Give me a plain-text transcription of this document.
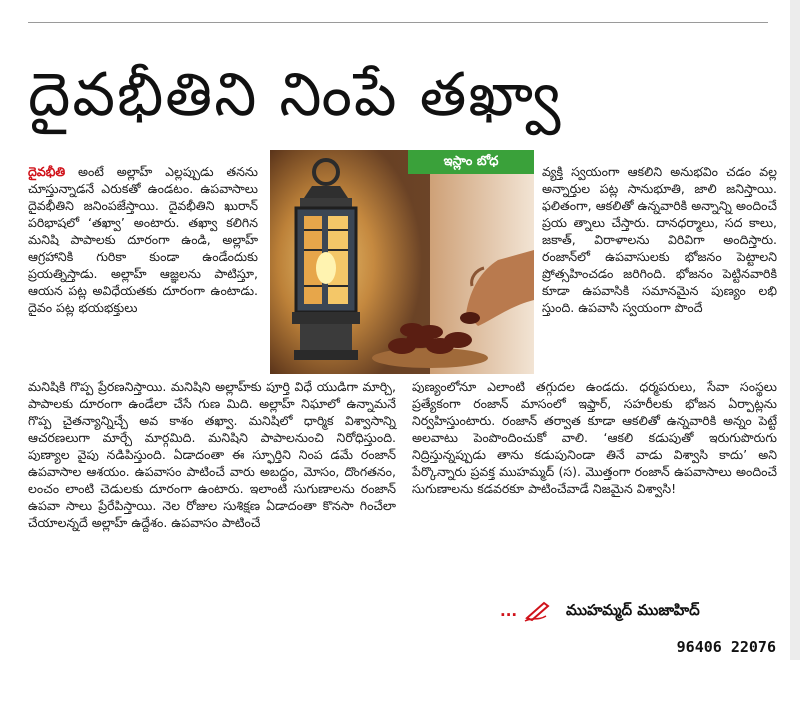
దైవభీతిని నింపే తఖ్వా

దైవభీతి అంటే అల్లాహ్ ఎల్లప్పుడు తనను చూస్తున్నాడనే ఎరుకతో ఉండటం. ఉపవాసాలు దైవభీతిని జనింపజేస్తాయి. దైవభీతిని ఖురాన్ పరిభాషలో ‘తఖ్వా’ అంటారు. తఖ్వా కలిగిన మనిషి పాపాలకు దూరంగా ఉండి, అల్లాహ్ ఆగ్రహానికి గురికా కుండా ఉండేందుకు ప్రయత్నిస్తాడు. అల్లాహ్ ఆజ్ఞలను పాటిస్తూ, ఆయన పట్ల అవిధేయతకు దూరంగా ఉంటాడు. దైవం పట్ల భయభక్తులు

ఇస్లాం బోధ

వ్యక్తి స్వయంగా ఆకలిని అనుభవిం చడం వల్ల అన్నార్తుల పట్ల సానుభూతి, జాలి జనిస్తాయి. ఫలితంగా, ఆకలితో ఉన్నవారికి అన్నాన్ని అందించే ప్రయ త్నాలు చేస్తారు. దానధర్మాలు, సద కాలు, జకాత్, విరాళాలను విరివిగా అందిస్తారు. రంజాన్‌లో ఉపవాసులకు భోజనం పెట్టాలని ప్రోత్సహించడం జరిగింది. భోజనం పెట్టినవారికి కూడా ఉపవాసికి సమానమైన పుణ్యం లభి స్తుంది. ఉపవాసి స్వయంగా పొందే

మనిషికి గొప్ప ప్రేరణనిస్తాయి. మనిషిని అల్లాహ్‌కు పూర్తి విధే యుడిగా మార్చి, పాపాలకు దూరంగా ఉండేలా చేసే గుణ మిది. అల్లాహ్ నిఘాలో ఉన్నామనే గొప్ప చైతన్యాన్నిచ్చే అవ కాశం తఖ్వా. మనిషిలో ధార్మిక విశ్వాసాన్ని ఆచరణలుగా మార్చే మార్గమిది. మనిషిని పాపాలనుంచి నిరోధిస్తుంది. పుణ్యాల వైపు నడిపిస్తుంది. ఏడాదంతా ఈ స్ఫూర్తిని నింప డమే రంజాన్ ఉపవాసాల ఆశయం. ఉపవాసం పాటించే వారు అబద్ధం, మోసం, దొంగతనం, లంచం లాంటి చెడులకు దూరంగా ఉంటారు. ఇలాంటి సుగుణాలను రంజాన్ ఉపవా సాలు ప్రేరేపిస్తాయి. నెల రోజుల సుశిక్షణ ఏడాదంతా కొనసా గించేలా చేయాలన్నదే అల్లాహ్ ఉద్దేశం. ఉపవాసం పాటించే

పుణ్యంలోనూ ఎలాంటి తగ్గుదల ఉండదు. ధర్మపరులు, సేవా సంస్థలు ప్రత్యేకంగా రంజాన్ మాసంలో ఇఫ్తార్, సహరీలకు భోజన ఏర్పాట్లను నిర్వహిస్తుంటారు. రంజాన్ తర్వాత కూడా ఆకలితో ఉన్నవారికి అన్నం పెట్టే అలవాటు పెంపొందించుకో వాలి. ‘ఆకలి కడుపుతో ఇరుగుపొరుగు నిద్రిస్తున్నప్పుడు తాను కడుపునిండా తినే వాడు విశ్వాసి కాదు’ అని పేర్కొన్నారు ప్రవక్త ముహమ్మద్ (స). మొత్తంగా రంజాన్ ఉపవాసాలు అందించే సుగుణాలను కడవరకూ పాటించేవాడే నిజమైన విశ్వాసి!

...	ముహమ్మద్ ముజాహిద్
96406 22076
